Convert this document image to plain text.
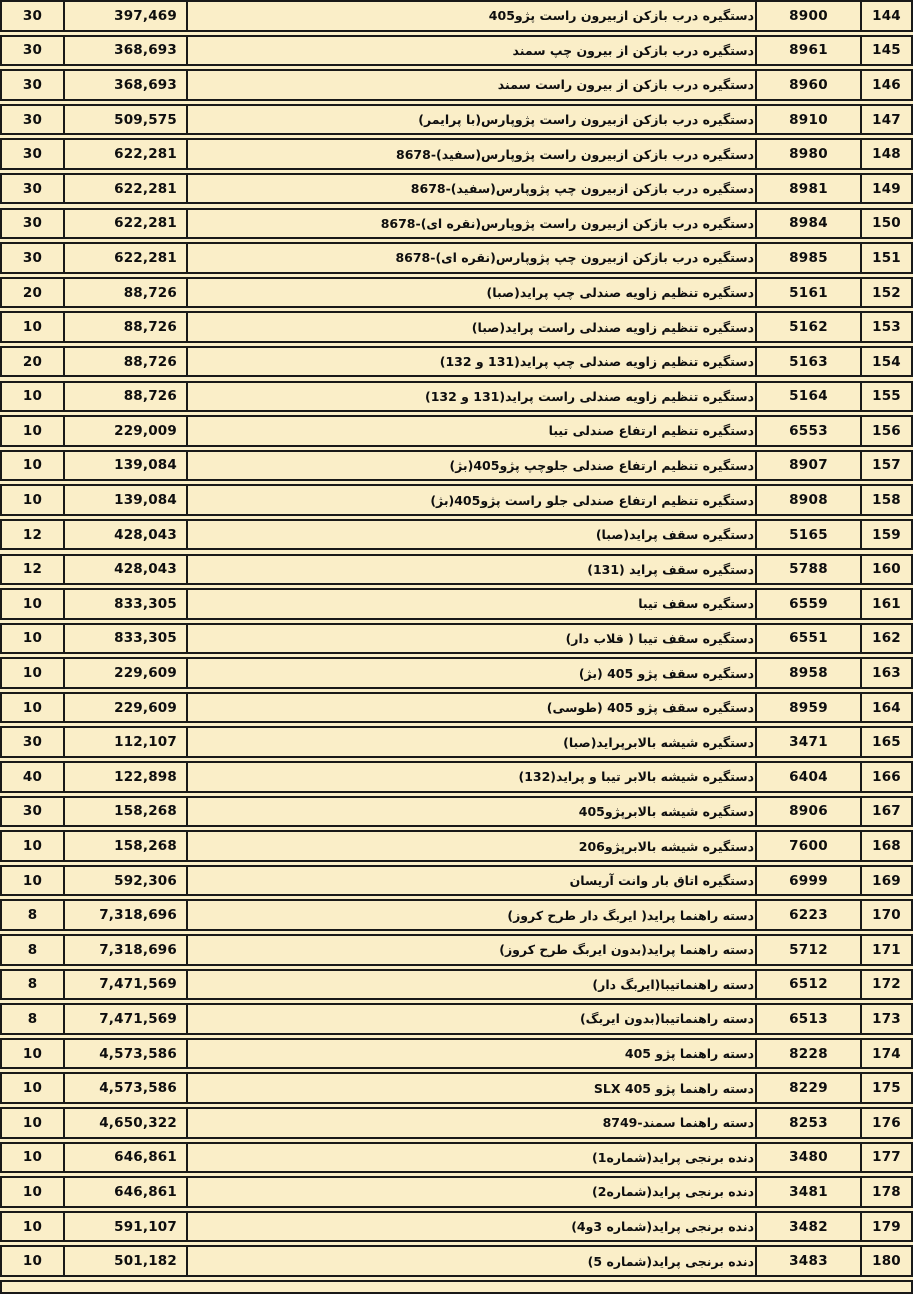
30	397,469	دستگیره درب بازکن ازبیرون راست پژو405	8900	144
30	368,693	دستگیره درب بازکن از بیرون چپ سمند	8961	145
30	368,693	دستگیره درب بازکن از بیرون راست سمند	8960	146
30	509,575	دستگیره درب بازکن ازبیرون راست پژوپارس(با پرایمر)	8910	147
30	622,281	دستگیره درب بازکن ازبیرون راست پژوپارس(سفید)-8678	8980	148
30	622,281	دستگیره درب بازکن ازبیرون چپ پژوپارس(سفید)-8678	8981	149
30	622,281	دستگیره درب بازکن ازبیرون راست پژوپارس(نقره ای)-8678	8984	150
30	622,281	دستگیره درب بازکن ازبیرون چپ پژوپارس(نقره ای)-8678	8985	151
20	88,726	دستگیره تنظیم زاویه صندلی چپ پراید(صبا)	5161	152
10	88,726	دستگیره تنظیم زاویه صندلی راست پراید(صبا)	5162	153
20	88,726	دستگیره تنظیم زاویه صندلی چپ پراید(131 و 132)	5163	154
10	88,726	دستگیره تنظیم زاویه صندلی راست پراید(131 و 132)	5164	155
10	229,009	دستگیره تنظیم ارتفاع صندلی تیبا	6553	156
10	139,084	دستگیره تنظیم ارتفاع صندلی جلوچپ پژو405(بژ)	8907	157
10	139,084	دستگیره تنظیم ارتفاع صندلی جلو راست پژو405(بژ)	8908	158
12	428,043	دستگیره سقف پراید(صبا)	5165	159
12	428,043	دستگیره سقف پراید (131)	5788	160
10	833,305	دستگیره سقف تیبا	6559	161
10	833,305	دستگیره سقف تیبا ( قلاب دار)	6551	162
10	229,609	دستگیره سقف پژو 405 (بژ)	8958	163
10	229,609	دستگیره سقف پژو 405 (طوسی)	8959	164
30	112,107	دستگیره شیشه بالابرپراید(صبا)	3471	165
40	122,898	دستگیره شیشه بالابر تیبا و پراید(132)	6404	166
30	158,268	دستگیره شیشه بالابرپژو405	8906	167
10	158,268	دستگیره شیشه بالابرپژو206	7600	168
10	592,306	دستگیره اتاق بار وانت آریسان	6999	169
8	7,318,696	دسته راهنما پراید( ایربگ دار طرح کروز)	6223	170
8	7,318,696	دسته راهنما پراید(بدون ایربگ طرح کروز)	5712	171
8	7,471,569	دسته راهنماتیبا(ایربگ دار)	6512	172
8	7,471,569	دسته راهنماتیبا(بدون ایربگ)	6513	173
10	4,573,586	دسته راهنما پژو 405	8228	174
10	4,573,586	دسته راهنما پژو 405 SLX	8229	175
10	4,650,322	دسته راهنما سمند-8749	8253	176
10	646,861	دنده برنجی پراید(شماره1)	3480	177
10	646,861	دنده برنجی پراید(شماره2)	3481	178
10	591,107	دنده برنجی پراید(شماره 3و4)	3482	179
10	501,182	دنده برنجی پراید(شماره 5)	3483	180
